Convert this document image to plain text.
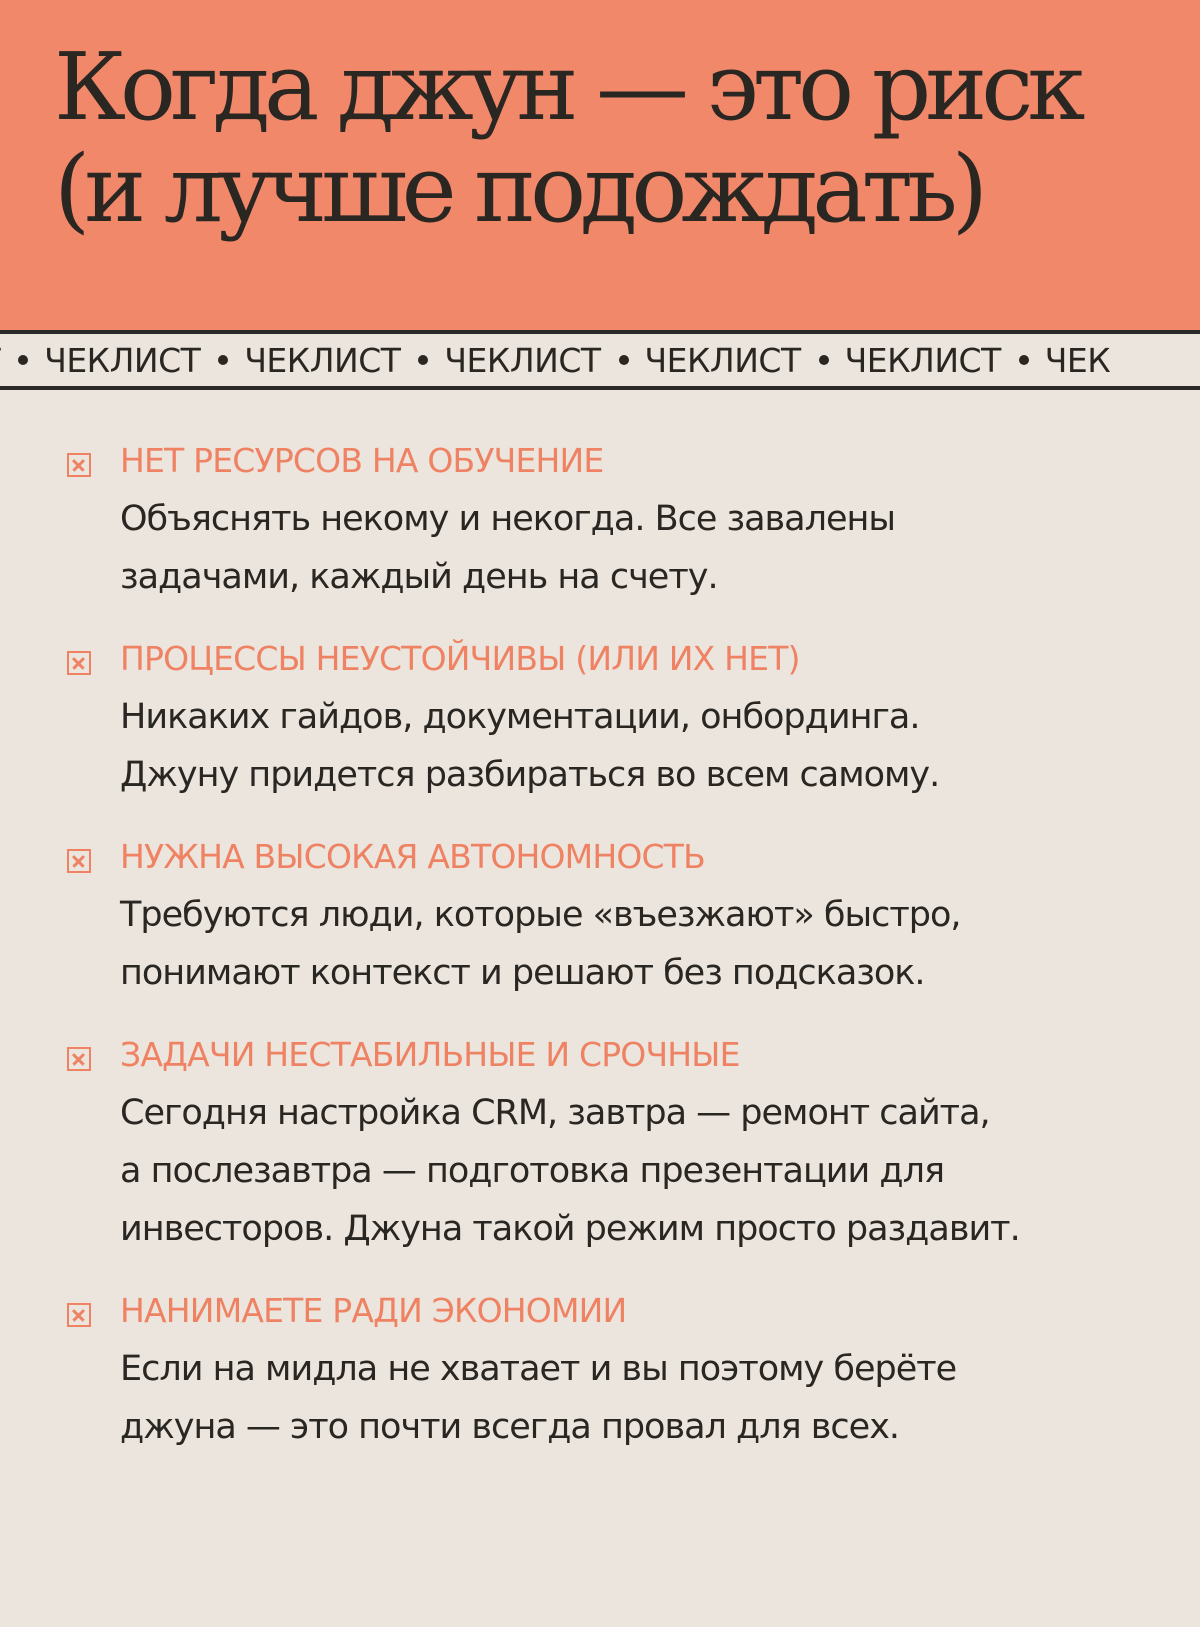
Когда джун — это риск
(и лучше подождать)
ЧЕКЛИСТ ЧЕКЛИСТ ЧЕКЛИСТ ЧЕКЛИСТ ЧЕКЛИСТ ЧЕК
НЕТ РЕСУРСОВ НА ОБУЧЕНИЕ
Объяснять некому и некогда. Все завалены
задачами, каждый день на счету.
ПРОЦЕССЫ НЕУСТОЙЧИВЫ (ИЛИ ИХ НЕТ)
Никаких гайдов, документации, онбординга.
Джуну придется разбираться во всем самому.
НУЖНА ВЫСОКАЯ АВТОНОМНОСТЬ
Требуются люди, которые «въезжают» быстро,
понимают контекст и решают без подсказок.
ЗАДАЧИ НЕСТАБИЛЬНЫЕ И СРОЧНЫЕ
Сегодня настройка CRM, завтра — ремонт сайта,
а послезавтра — подготовка презентации для
инвесторов. Джуна такой режим просто раздавит.
НАНИМАЕТЕ РАДИ ЭКОНОМИИ
Если на мидла не хватает и вы поэтому берёте
джуна — это почти всегда провал для всех.
